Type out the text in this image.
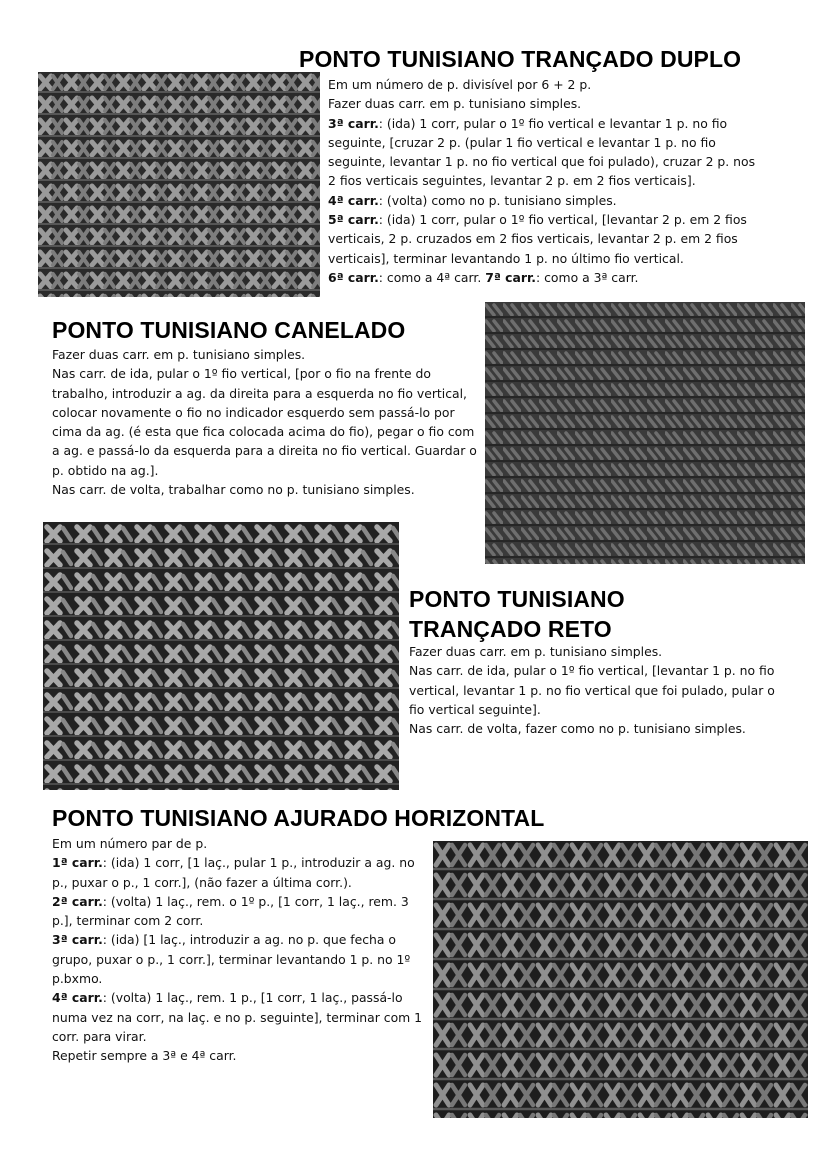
PONTO TUNISIANO TRANÇADO DUPLO

Em um número de p. divisível por 6 + 2 p.

Fazer duas carr. em p. tunisiano simples.

3ª carr.: (ida) 1 corr, pular o 1º fio vertical e levantar 1 p. no fio seguinte, [cruzar 2 p. (pular 1 fio vertical e levantar 1 p. no fio seguinte, levantar 1 p. no fio vertical que foi pulado), cruzar 2 p. nos 2 fios verticais seguintes, levantar 2 p. em 2 fios verticais].

4ª carr.: (volta) como no p. tunisiano simples.

5ª carr.: (ida) 1 corr, pular o 1º fio vertical, [levantar 2 p. em 2 fios verticais, 2 p. cruzados em 2 fios verticais, levantar 2 p. em 2 fios verticais], terminar levantando 1 p. no último fio vertical.

6ª carr.: como a 4ª carr. 7ª carr.: como a 3ª carr.

PONTO TUNISIANO CANELADO

Fazer duas carr. em p. tunisiano simples.

Nas carr. de ida, pular o 1º fio vertical, [por o fio na frente do trabalho, introduzir a ag. da direita para a esquerda no fio vertical, colocar novamente o fio no indicador esquerdo sem passá-lo por cima da ag. (é esta que fica colocada acima do fio), pegar o fio com a ag. e passá-lo da esquerda para a direita no fio vertical. Guardar o p. obtido na ag.].

Nas carr. de volta, trabalhar como no p. tunisiano simples.

PONTO TUNISIANO TRANÇADO RETO

Fazer duas carr. em p. tunisiano simples.

Nas carr. de ida, pular o 1º fio vertical, [levantar 1 p. no fio vertical, levantar 1 p. no fio vertical que foi pulado, pular o fio vertical seguinte].

Nas carr. de volta, fazer como no p. tunisiano simples.

PONTO TUNISIANO AJURADO HORIZONTAL

Em um número par de p.

1ª carr.: (ida) 1 corr, [1 laç., pular 1 p., introduzir a ag. no p., puxar o p., 1 corr.], (não fazer a última corr.).

2ª carr.: (volta) 1 laç., rem. o 1º p., [1 corr, 1 laç., rem. 3 p.], terminar com 2 corr.

3ª carr.: (ida) [1 laç., introduzir a ag. no p. que fecha o grupo, puxar o p., 1 corr.], terminar levantando 1 p. no 1º p.bxmo.

4ª carr.: (volta) 1 laç., rem. 1 p., [1 corr, 1 laç., passá-lo numa vez na corr, na laç. e no p. seguinte], terminar com 1 corr. para virar.

Repetir sempre a 3ª e 4ª carr.
